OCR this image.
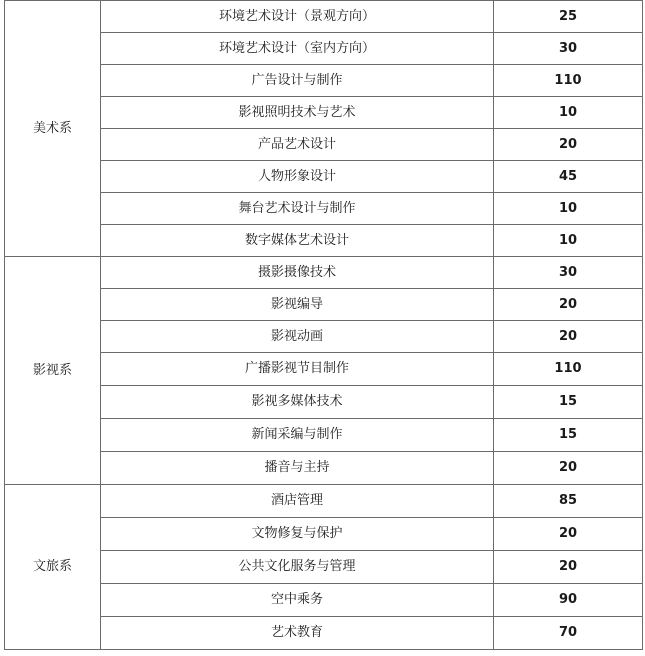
美术系	环境艺术设计（景观方向）	25
	环境艺术设计（室内方向）	30
	广告设计与制作	110
	影视照明技术与艺术	10
	产品艺术设计	20
	人物形象设计	45
	舞台艺术设计与制作	10
	数字媒体艺术设计	10
影视系	摄影摄像技术	30
	影视编导	20
	影视动画	20
	广播影视节目制作	110
	影视多媒体技术	15
	新闻采编与制作	15
	播音与主持	20
文旅系	酒店管理	85
	文物修复与保护	20
	公共文化服务与管理	20
	空中乘务	90
	艺术教育	70
